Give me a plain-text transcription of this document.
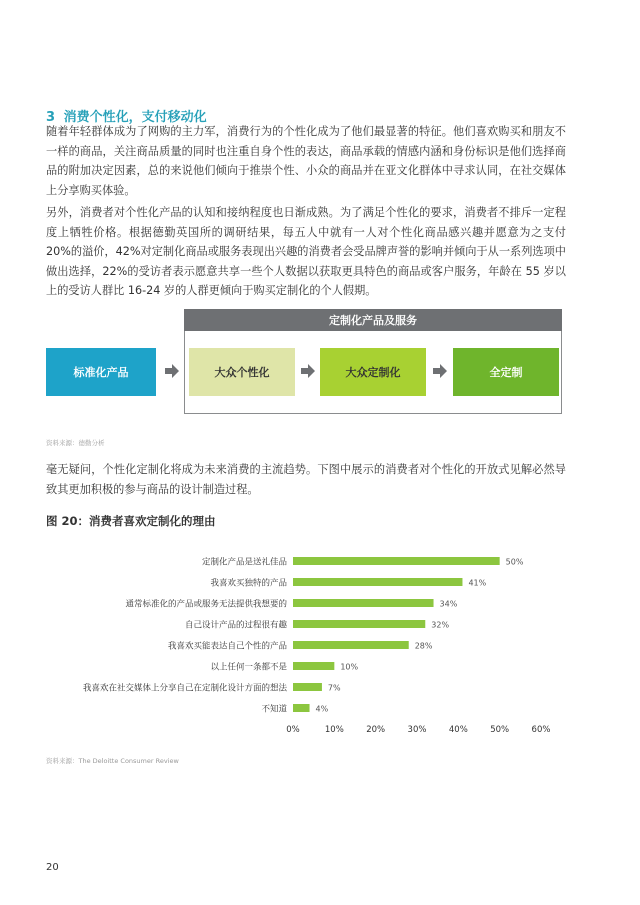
3 消费个性化，支付移动化
随着年轻群体成为了网购的主力军，消费行为的个性化成为了他们最显著的特征。他们喜欢购买和朋友不一样的商品，关注商品质量的同时也注重自身个性的表达，商品承载的情感内涵和身份标识是他们选择商品的附加决定因素，总的来说他们倾向于推崇个性、小众的商品并在亚文化群体中寻求认同，在社交媒体上分享购买体验。
另外，消费者对个性化产品的认知和接纳程度也日渐成熟。为了满足个性化的要求，消费者不排斥一定程度上牺牲价格。根据德勤英国所的调研结果，每五人中就有一人对个性化商品感兴趣并愿意为之支付 20%的溢价，42%对定制化商品或服务表现出兴趣的消费者会受品牌声誉的影响并倾向于从一系列选项中做出选择，22%的受访者表示愿意共享一些个人数据以获取更具特色的商品或客户服务，年龄在 55 岁以上的受访人群比 16-24 岁的人群更倾向于购买定制化的个人假期。
定制化产品及服务
标准化产品	大众个性化	大众定制化	全定制
资料来源：德勤分析
毫无疑问，个性化定制化将成为未来消费的主流趋势。下图中展示的消费者对个性化的开放式见解必然导致其更加积极的参与商品的设计制造过程。
图 20：消费者喜欢定制化的理由
定制化产品是送礼佳品	50%
我喜欢买独特的产品	41%
通常标准化的产品或服务无法提供我想要的	34%
自己设计产品的过程很有趣	32%
我喜欢买能表达自己个性的产品	28%
以上任何一条都不是	10%
我喜欢在社交媒体上分享自己在定制化设计方面的想法	7%
不知道	4%
0%	10%	20%	30%	40%	50%	60%
资料来源：The Deloitte Consumer Review
20
